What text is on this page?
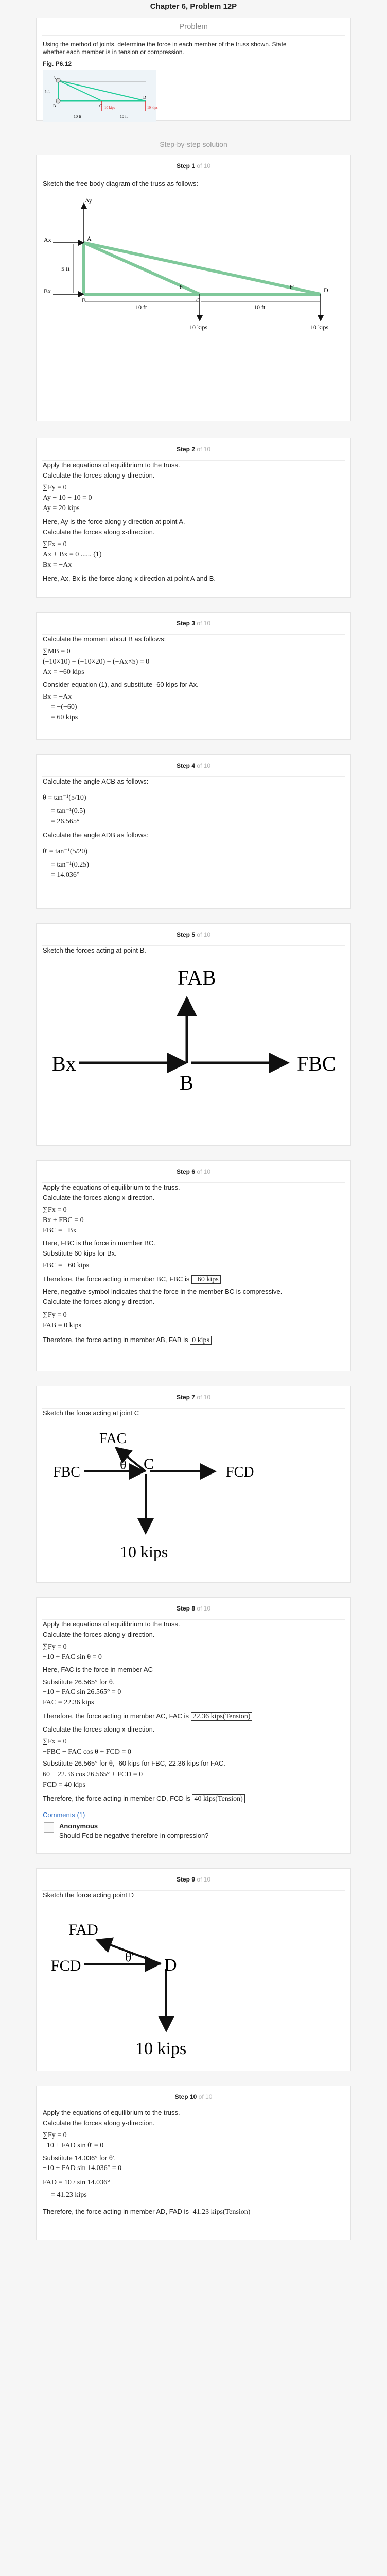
Chapter 6, Problem 12P
Problem
Using the method of joints, determine the force in each member of the truss shown. State
whether each member is in tension or compression.
Fig. P6.12
10 kips	10 kips
10 ft	10 ft
5 ft
A
B	C
D
Step-by-step solution
Step 1 of 10
Sketch the free body diagram of the truss as follows:
Ay
Ax	A
Bx
B	C
D
5 ft
10 ft	10 ft
10 kips	10 kips
θ	θ'
Step 2 of 10
Apply the equations of equilibrium to the truss.
Calculate the forces along y-direction.
∑Fy = 0
Ay − 10 − 10 = 0
Ay = 20 kips
Here, Ay is the force along y direction at point A.
Calculate the forces along x-direction.
∑Fx = 0
Ax + Bx = 0 ...... (1)
Bx = −Ax
Here, Ax, Bx is the force along x direction at point A and B.
Step 3 of 10
Calculate the moment about B as follows:
∑MB = 0
(−10×10) + (−10×20) + (−Ax×5) = 0
Ax = −60 kips
Consider equation (1), and substitute -60 kips for Ax.
Bx = −Ax
= −(−60)
= 60 kips
Step 4 of 10
Calculate the angle ACB as follows:
θ = tan⁻¹(5/10)
= tan⁻¹(0.5)
= 26.565°
Calculate the angle ADB as follows:
θ' = tan⁻¹(5/20)
= tan⁻¹(0.25)
= 14.036°
Step 5 of 10
Sketch the forces acting at point B.
FAB
Bx	FBC
B
Step 6 of 10
Apply the equations of equilibrium to the truss.
Calculate the forces along x-direction.
∑Fx = 0
Bx + FBC = 0
FBC = −Bx
Here, FBC is the force in member BC.
Substitute 60 kips for Bx.
FBC = −60 kips
Therefore, the force acting in member BC, FBC is −60 kips
Here, negative symbol indicates that the force in the member BC is compressive.
Calculate the forces along y-direction.
∑Fy = 0
FAB = 0 kips
Therefore, the force acting in member AB, FAB is 0 kips
Step 7 of 10
Sketch the force acting at joint C
FAC
FBC	FCD
C
θ
10 kips
Step 8 of 10
Apply the equations of equilibrium to the truss.
Calculate the forces along y-direction.
∑Fy = 0
−10 + FAC sin θ = 0
Here, FAC is the force in member AC
Substitute 26.565° for θ.
−10 + FAC sin 26.565° = 0
FAC = 22.36 kips
Therefore, the force acting in member AC, FAC is 22.36 kips(Tension)
Calculate the forces along x-direction.
∑Fx = 0
−FBC − FAC cos θ + FCD = 0
Substitute 26.565° for θ, -60 kips for FBC, 22.36 kips for FAC.
60 − 22.36 cos 26.565° + FCD = 0
FCD = 40 kips
Therefore, the force acting in member CD, FCD is 40 kips(Tension)
Comments (1)
Anonymous
Should Fcd be negative therefore in compression?
Step 9 of 10
Sketch the force acting point D
FAD
FCD	D
θ'
10 kips
Step 10 of 10
Apply the equations of equilibrium to the truss.
Calculate the forces along y-direction.
∑Fy = 0
−10 + FAD sin θ' = 0
Substitute 14.036° for θ'.
−10 + FAD sin 14.036° = 0
FAD = 10 / sin 14.036°
= 41.23 kips
Therefore, the force acting in member AD, FAD is 41.23 kips(Tension)
